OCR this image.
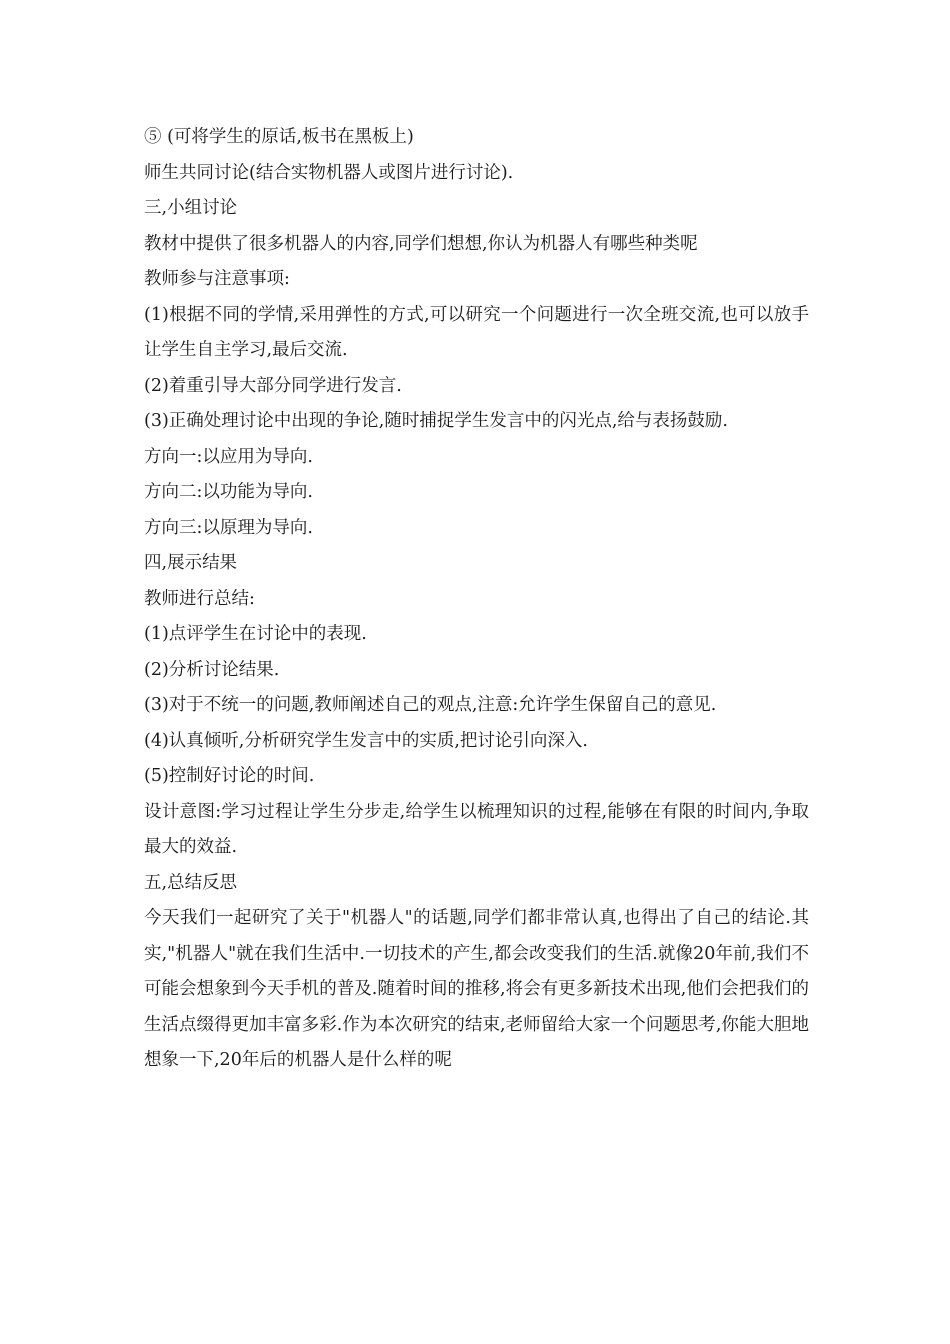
⑤ (可将学生的原话,板书在黑板上)

师生共同讨论(结合实物机器人或图片进行讨论).

三,小组讨论

教材中提供了很多机器人的内容,同学们想想,你认为机器人有哪些种类呢

教师参与注意事项:

(1)根据不同的学情,采用弹性的方式,可以研究一个问题进行一次全班交流,也可以放手让学生自主学习,最后交流.

(2)着重引导大部分同学进行发言.

(3)正确处理讨论中出现的争论,随时捕捉学生发言中的闪光点,给与表扬鼓励.

方向一:以应用为导向.

方向二:以功能为导向.

方向三:以原理为导向.

四,展示结果

教师进行总结:

(1)点评学生在讨论中的表现.

(2)分析讨论结果.

(3)对于不统一的问题,教师阐述自己的观点,注意:允许学生保留自己的意见.

(4)认真倾听,分析研究学生发言中的实质,把讨论引向深入.

(5)控制好讨论的时间.

设计意图:学习过程让学生分步走,给学生以梳理知识的过程,能够在有限的时间内,争取最大的效益.

五,总结反思

今天我们一起研究了关于"机器人"的话题,同学们都非常认真,也得出了自己的结论.其实,"机器人"就在我们生活中.一切技术的产生,都会改变我们的生活.就像20年前,我们不可能会想象到今天手机的普及.随着时间的推移,将会有更多新技术出现,他们会把我们的生活点缀得更加丰富多彩.作为本次研究的结束,老师留给大家一个问题思考,你能大胆地想象一下,20年后的机器人是什么样的呢
